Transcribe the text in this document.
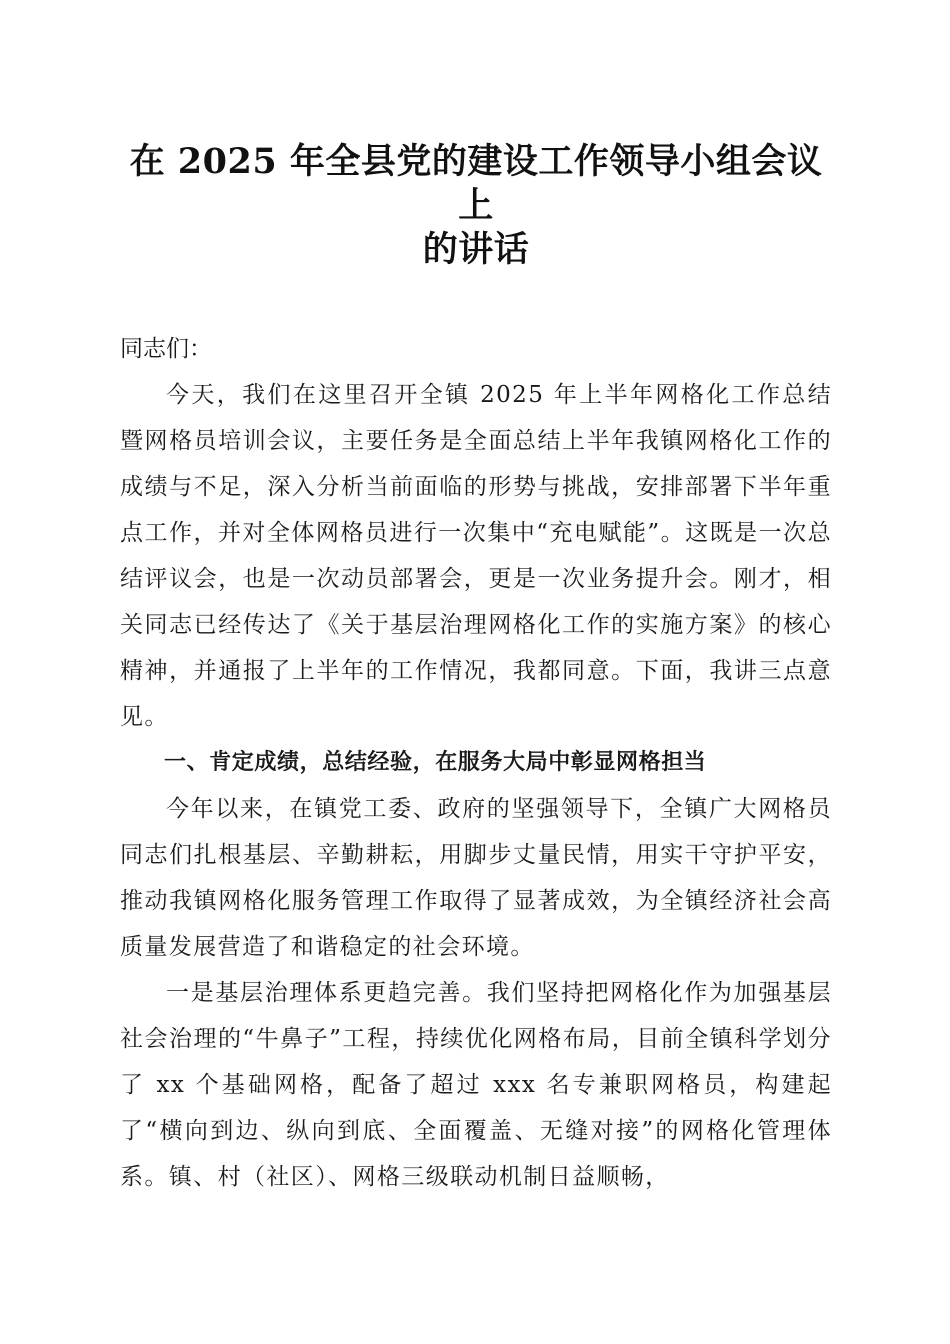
在 2025 年全县党的建设工作领导小组会议上
的讲话
同志们：

今天，我们在这里召开全镇 2025 年上半年网格化工作总结暨网格员培训会议，主要任务是全面总结上半年我镇网格化工作的成绩与不足，深入分析当前面临的形势与挑战，安排部署下半年重点工作，并对全体网格员进行一次集中“充电赋能”。这既是一次总结评议会，也是一次动员部署会，更是一次业务提升会。刚才，相关同志已经传达了《关于基层治理网格化工作的实施方案》的核心精神，并通报了上半年的工作情况，我都同意。下面，我讲三点意见。

一、肯定成绩，总结经验，在服务大局中彰显网格担当

今年以来，在镇党工委、政府的坚强领导下，全镇广大网格员同志们扎根基层、辛勤耕耘，用脚步丈量民情，用实干守护平安，推动我镇网格化服务管理工作取得了显著成效，为全镇经济社会高质量发展营造了和谐稳定的社会环境。

一是基层治理体系更趋完善。我们坚持把网格化作为加强基层社会治理的“牛鼻子”工程，持续优化网格布局，目前全镇科学划分了 xx 个基础网格，配备了超过 xxx 名专兼职网格员，构建起了“横向到边、纵向到底、全面覆盖、无缝对接”的网格化管理体系。镇、村（社区）、网格三级联动机制日益顺畅，
